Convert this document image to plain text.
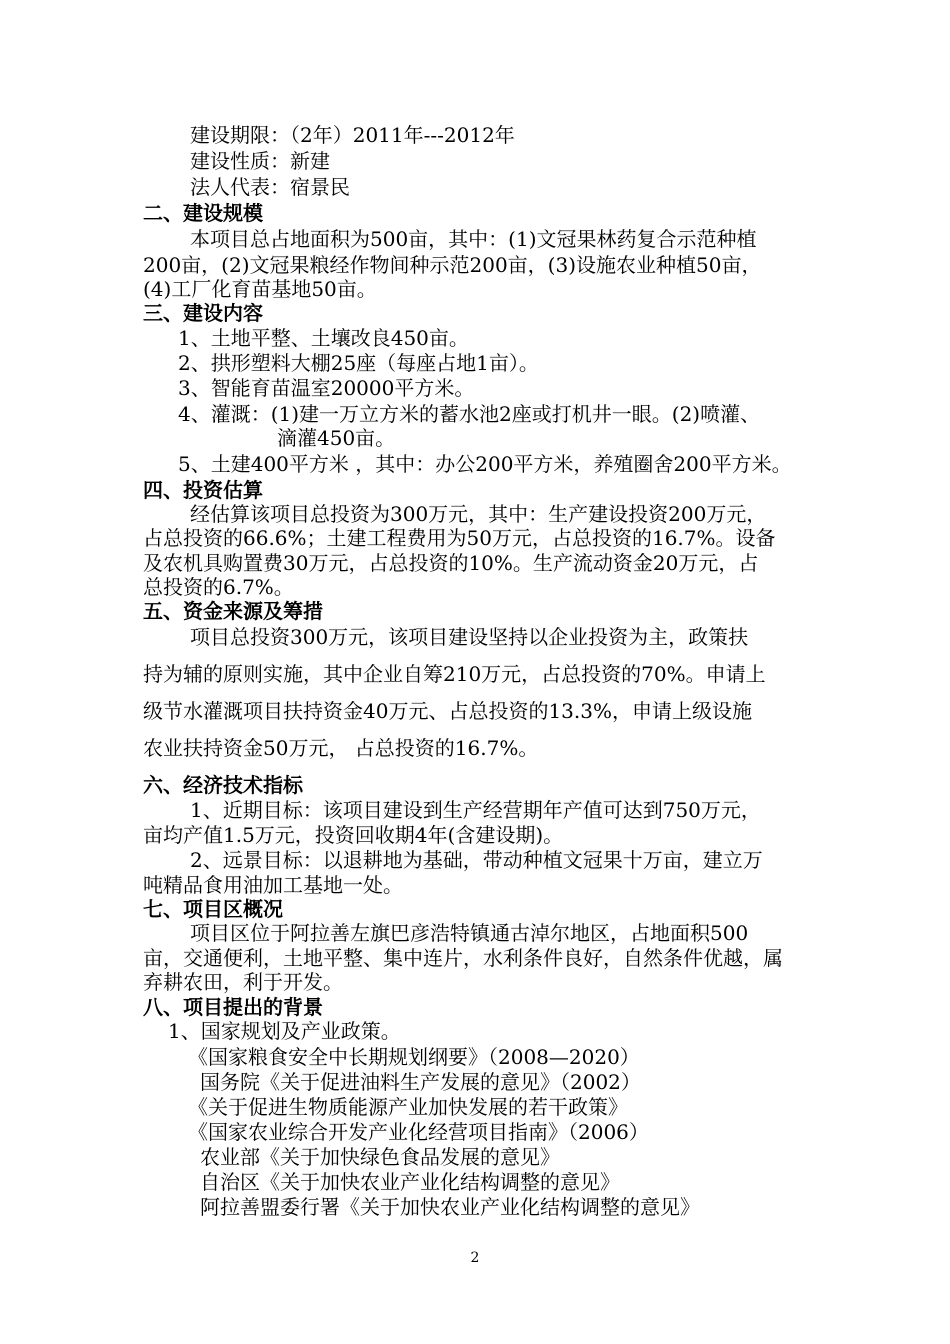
建设期限：（2年）2011年---2012年
建设性质：新建
法人代表：宿景民
二、建设规模
本项目总占地面积为500亩，其中：(1)文冠果林药复合示范种植
200亩，(2)文冠果粮经作物间种示范200亩，(3)设施农业种植50亩，
(4)工厂化育苗基地50亩。
三、建设内容
1、土地平整、土壤改良450亩。
2、拱形塑料大棚25座（每座占地1亩）。
3、智能育苗温室20000平方米。
4、灌溉：(1)建一万立方米的蓄水池2座或打机井一眼。(2)喷灌、
滴灌450亩。
5、土建400平方米 ，其中：办公200平方米，养殖圈舍200平方米。
四、投资估算
经估算该项目总投资为300万元，其中：生产建设投资200万元，
占总投资的66.6%；土建工程费用为50万元，占总投资的16.7%。设备
及农机具购置费30万元，占总投资的10%。生产流动资金20万元，占
总投资的6.7%。
五、资金来源及筹措
项目总投资300万元，该项目建设坚持以企业投资为主，政策扶
持为辅的原则实施，其中企业自筹210万元，占总投资的70%。申请上
级节水灌溉项目扶持资金40万元、占总投资的13.3%，申请上级设施
农业扶持资金50万元， 占总投资的16.7%。
六、经济技术指标
1、近期目标：该项目建设到生产经营期年产值可达到750万元，
亩均产值1.5万元，投资回收期4年(含建设期)。
2、远景目标：以退耕地为基础，带动种植文冠果十万亩，建立万
吨精品食用油加工基地一处。
七、项目区概况
项目区位于阿拉善左旗巴彦浩特镇通古淖尔地区，占地面积500
亩，交通便利，土地平整、集中连片，水利条件良好，自然条件优越，属
弃耕农田，利于开发。
八、项目提出的背景
1、国家规划及产业政策。
《国家粮食安全中长期规划纲要》（2008—2020）
国务院《关于促进油料生产发展的意见》（2002）
《关于促进生物质能源产业加快发展的若干政策》
《国家农业综合开发产业化经营项目指南》（2006）
农业部《关于加快绿色食品发展的意见》
自治区《关于加快农业产业化结构调整的意见》
阿拉善盟委行署《关于加快农业产业化结构调整的意见》
2
